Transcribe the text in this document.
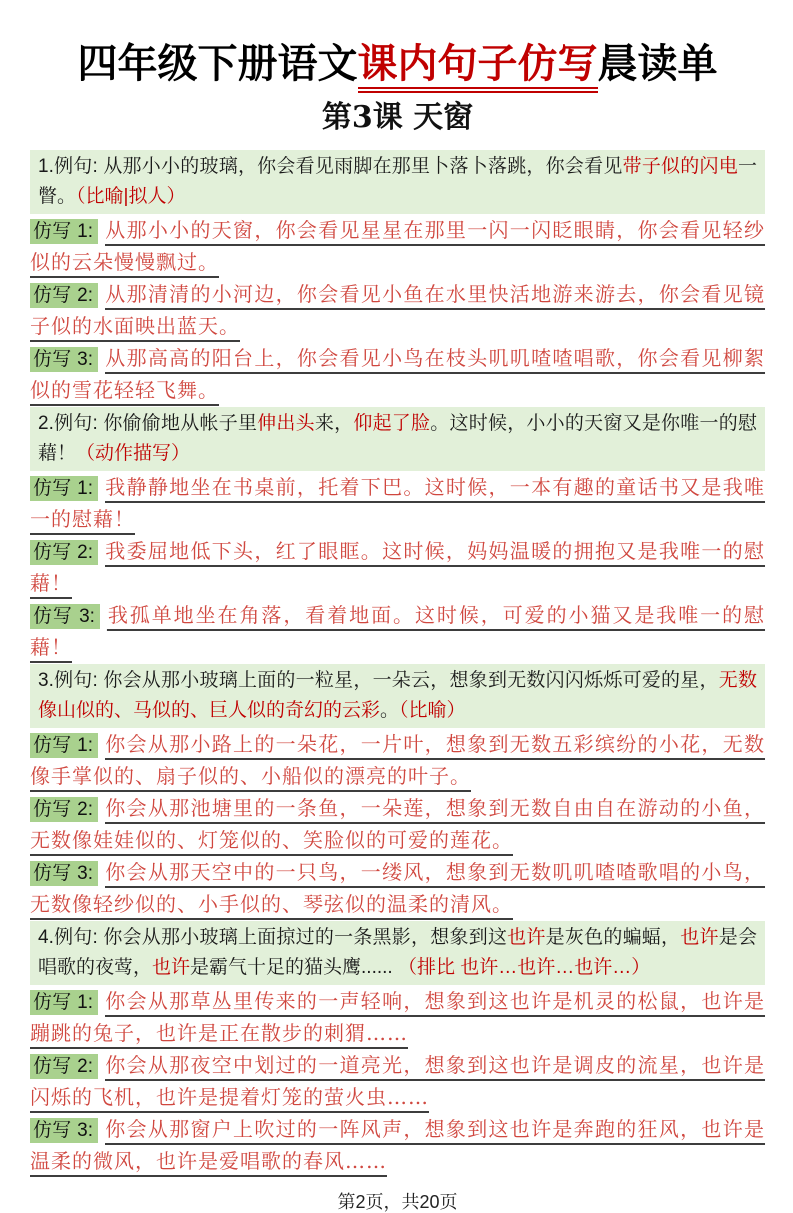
四年级下册语文课内句子仿写晨读单
第3课 天窗
1.例句: 从那小小的玻璃，你会看见雨脚在那里卜落卜落跳，你会看见带子似的闪电一瞥。（比喻|拟人）

仿写 1: 从那小小的天窗，你会看见星星在那里一闪一闪眨眼睛，你会看见轻纱似的云朵慢慢飘过。

仿写 2: 从那清清的小河边，你会看见小鱼在水里快活地游来游去，你会看见镜子似的水面映出蓝天。

仿写 3: 从那高高的阳台上，你会看见小鸟在枝头叽叽喳喳唱歌，你会看见柳絮似的雪花轻轻飞舞。

2.例句: 你偷偷地从帐子里伸出头来，仰起了脸。这时候，小小的天窗又是你唯一的慰藉！（动作描写）

仿写 1: 我静静地坐在书桌前，托着下巴。这时候，一本有趣的童话书又是我唯一的慰藉！

仿写 2: 我委屈地低下头，红了眼眶。这时候，妈妈温暖的拥抱又是我唯一的慰藉！

仿写 3: 我孤单地坐在角落，看着地面。这时候，可爱的小猫又是我唯一的慰藉！

3.例句: 你会从那小玻璃上面的一粒星，一朵云，想象到无数闪闪烁烁可爱的星，无数像山似的、马似的、巨人似的奇幻的云彩。（比喻）

仿写 1: 你会从那小路上的一朵花，一片叶，想象到无数五彩缤纷的小花，无数像手掌似的、扇子似的、小船似的漂亮的叶子。

仿写 2: 你会从那池塘里的一条鱼，一朵莲，想象到无数自由自在游动的小鱼，无数像娃娃似的、灯笼似的、笑脸似的可爱的莲花。

仿写 3: 你会从那天空中的一只鸟，一缕风，想象到无数叽叽喳喳歌唱的小鸟，无数像轻纱似的、小手似的、琴弦似的温柔的清风。

4.例句: 你会从那小玻璃上面掠过的一条黑影，想象到这也许是灰色的蝙蝠，也许是会唱歌的夜莺，也许是霸气十足的猫头鹰...... （排比 也许…也许…也许…）

仿写 1: 你会从那草丛里传来的一声轻响，想象到这也许是机灵的松鼠，也许是蹦跳的兔子，也许是正在散步的刺猬……

仿写 2: 你会从那夜空中划过的一道亮光，想象到这也许是调皮的流星，也许是闪烁的飞机，也许是提着灯笼的萤火虫……

仿写 3: 你会从那窗户上吹过的一阵风声，想象到这也许是奔跑的狂风，也许是温柔的微风，也许是爱唱歌的春风……

第2页，共20页
